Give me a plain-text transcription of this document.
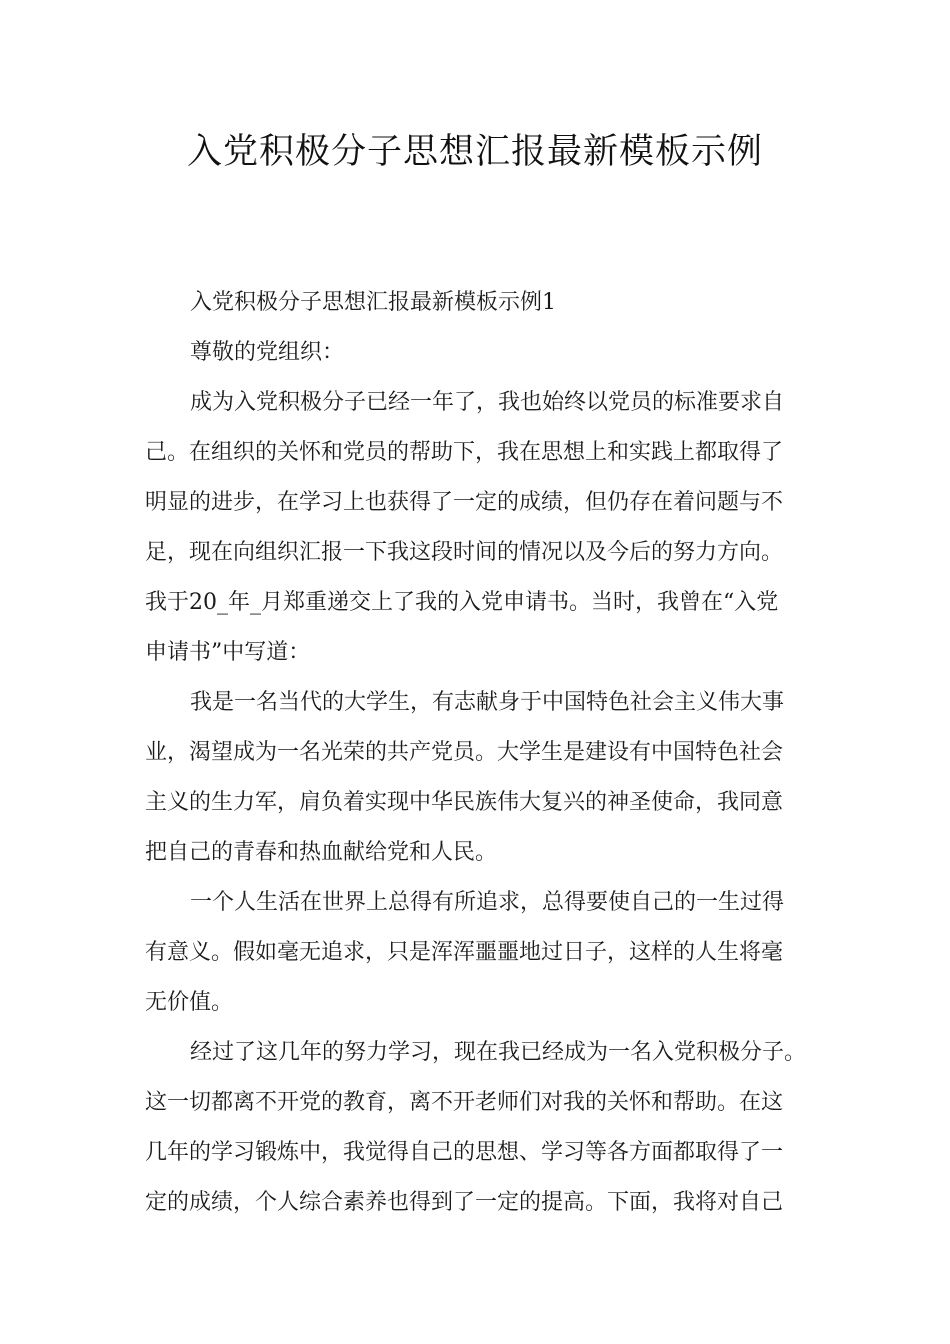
入党积极分子思想汇报最新模板示例
入党积极分子思想汇报最新模板示例1
尊敬的党组织：
成为入党积极分子已经一年了，我也始终以党员的标准要求自
己。在组织的关怀和党员的帮助下，我在思想上和实践上都取得了
明显的进步，在学习上也获得了一定的成绩，但仍存在着问题与不
足，现在向组织汇报一下我这段时间的情况以及今后的努力方向。
我于20_年_月郑重递交上了我的入党申请书。当时，我曾在“入党
申请书”中写道：
我是一名当代的大学生，有志献身于中国特色社会主义伟大事
业，渴望成为一名光荣的共产党员。大学生是建设有中国特色社会
主义的生力军，肩负着实现中华民族伟大复兴的神圣使命，我同意
把自己的青春和热血献给党和人民。
一个人生活在世界上总得有所追求，总得要使自己的一生过得
有意义。假如毫无追求，只是浑浑噩噩地过日子，这样的人生将毫
无价值。
经过了这几年的努力学习，现在我已经成为一名入党积极分子。
这一切都离不开党的教育，离不开老师们对我的关怀和帮助。在这
几年的学习锻炼中，我觉得自己的思想、学习等各方面都取得了一
定的成绩，个人综合素养也得到了一定的提高。下面，我将对自己
